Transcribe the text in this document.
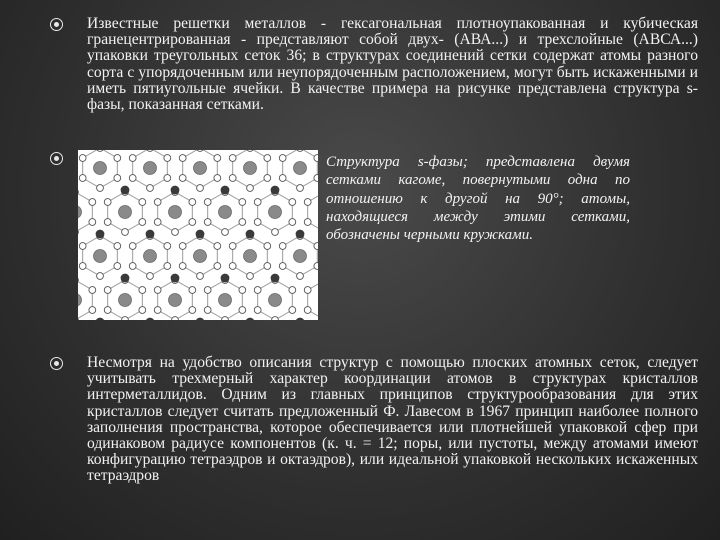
Известные решетки металлов - гексагональная плотноупакованная и кубическая гранецентрированная - представляют собой двух- (АВА...) и трехслойные (АВСА...) упаковки треугольных сеток 36; в структурах соединений сетки содержат атомы разного сорта с упорядоченным или неупорядоченным расположением, могут быть искаженными и иметь пятиугольные ячейки. В качестве примера на рисунке представлена структура s-фазы, показанная сетками.
Структура s-фазы; представлена двумя сетками кагоме, повернутыми одна по отношению к другой на 90°; атомы, находящиеся между этими сетками, обозначены черными кружками.
Несмотря на удобство описания структур с помощью плоских атомных сеток, следует учитывать трехмерный характер координации атомов в структурах кристаллов интерметаллидов. Одним из главных принципов структурообразования для этих кристаллов следует считать предложенный Ф. Лавесом в 1967 принцип наиболее полного заполнения пространства, которое обеспечивается или плотнейшей упаковкой сфер при одинаковом радиусе компонентов (к. ч. = 12; поры, или пустоты, между атомами имеют конфигурацию тетраэдров и октаэдров), или идеальной упаковкой нескольких искаженных тетраэдров
